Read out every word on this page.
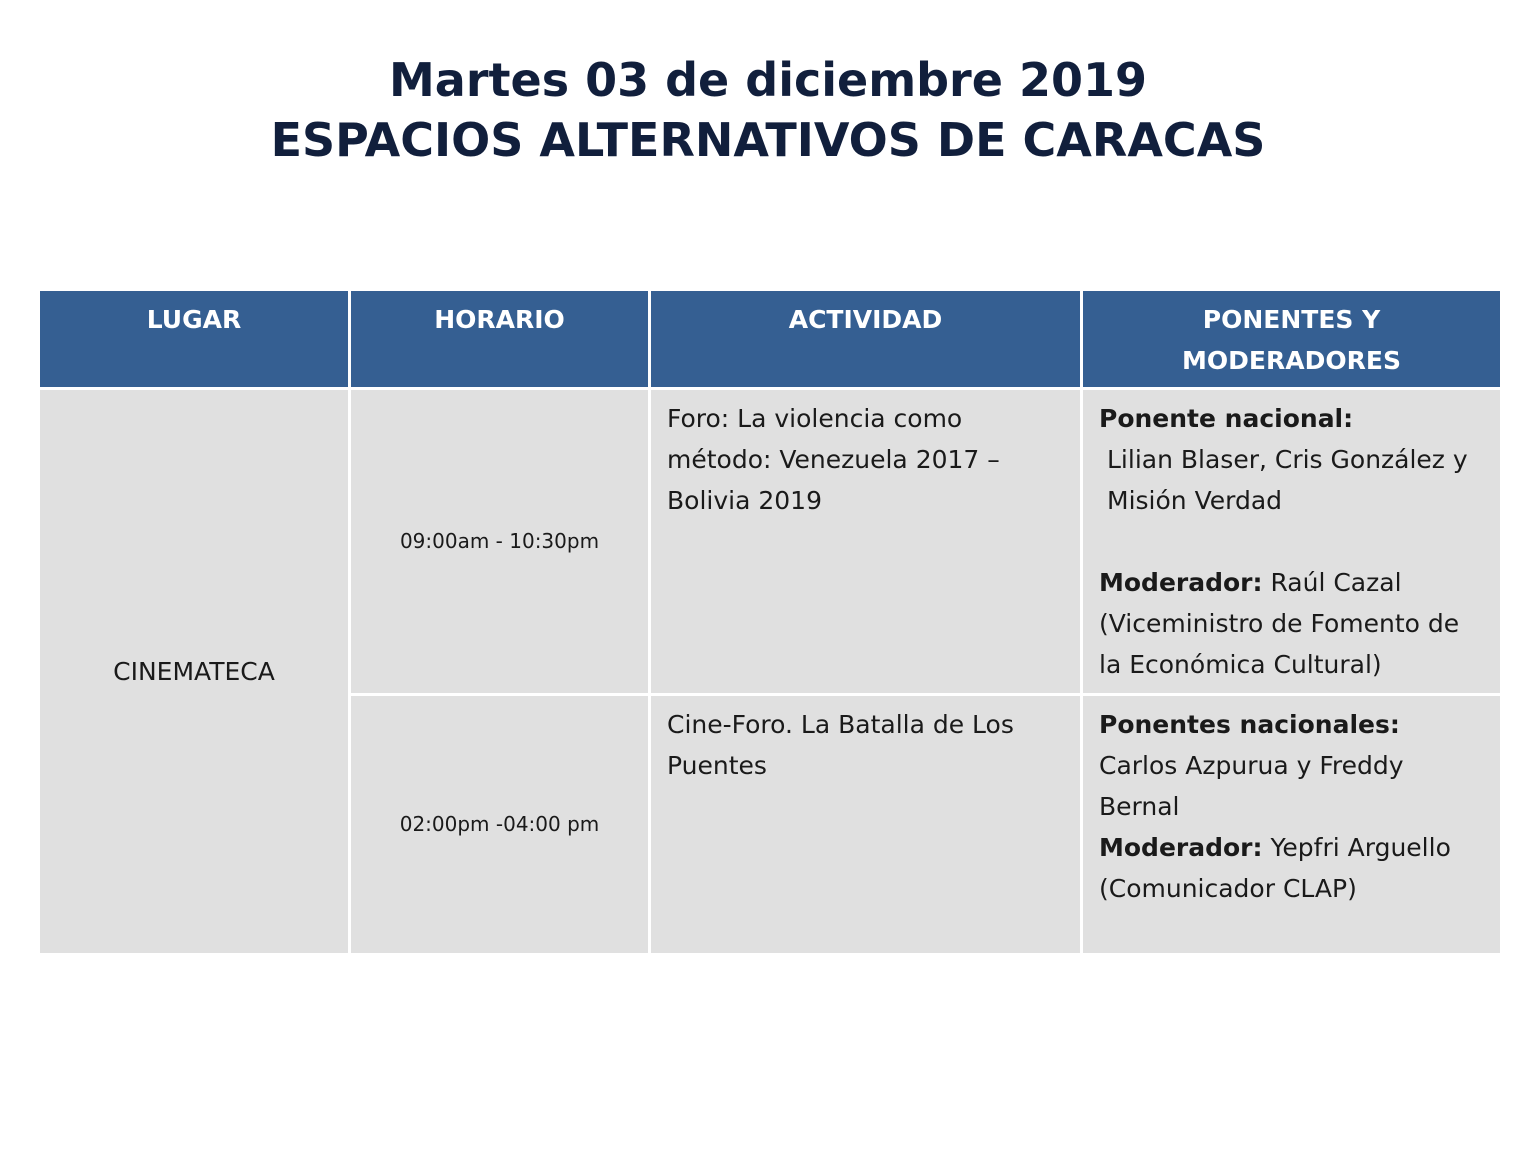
Martes 03 de diciembre 2019
ESPACIOS ALTERNATIVOS DE CARACAS
LUGAR	HORARIO	ACTIVIDAD	PONENTES Y MODERADORES
CINEMATECA	09:00am - 10:30pm	Foro: La violencia como método: Venezuela 2017 – Bolivia 2019	Ponente nacional:
Lilian Blaser, Cris González y Misión Verdad
Moderador: Raúl Cazal (Viceministro de Fomento de la Económica Cultural)
	02:00pm -04:00 pm	Cine-Foro. La Batalla de Los Puentes	Ponentes nacionales:
Carlos Azpurua y Freddy Bernal
Moderador: Yepfri Arguello (Comunicador CLAP)
